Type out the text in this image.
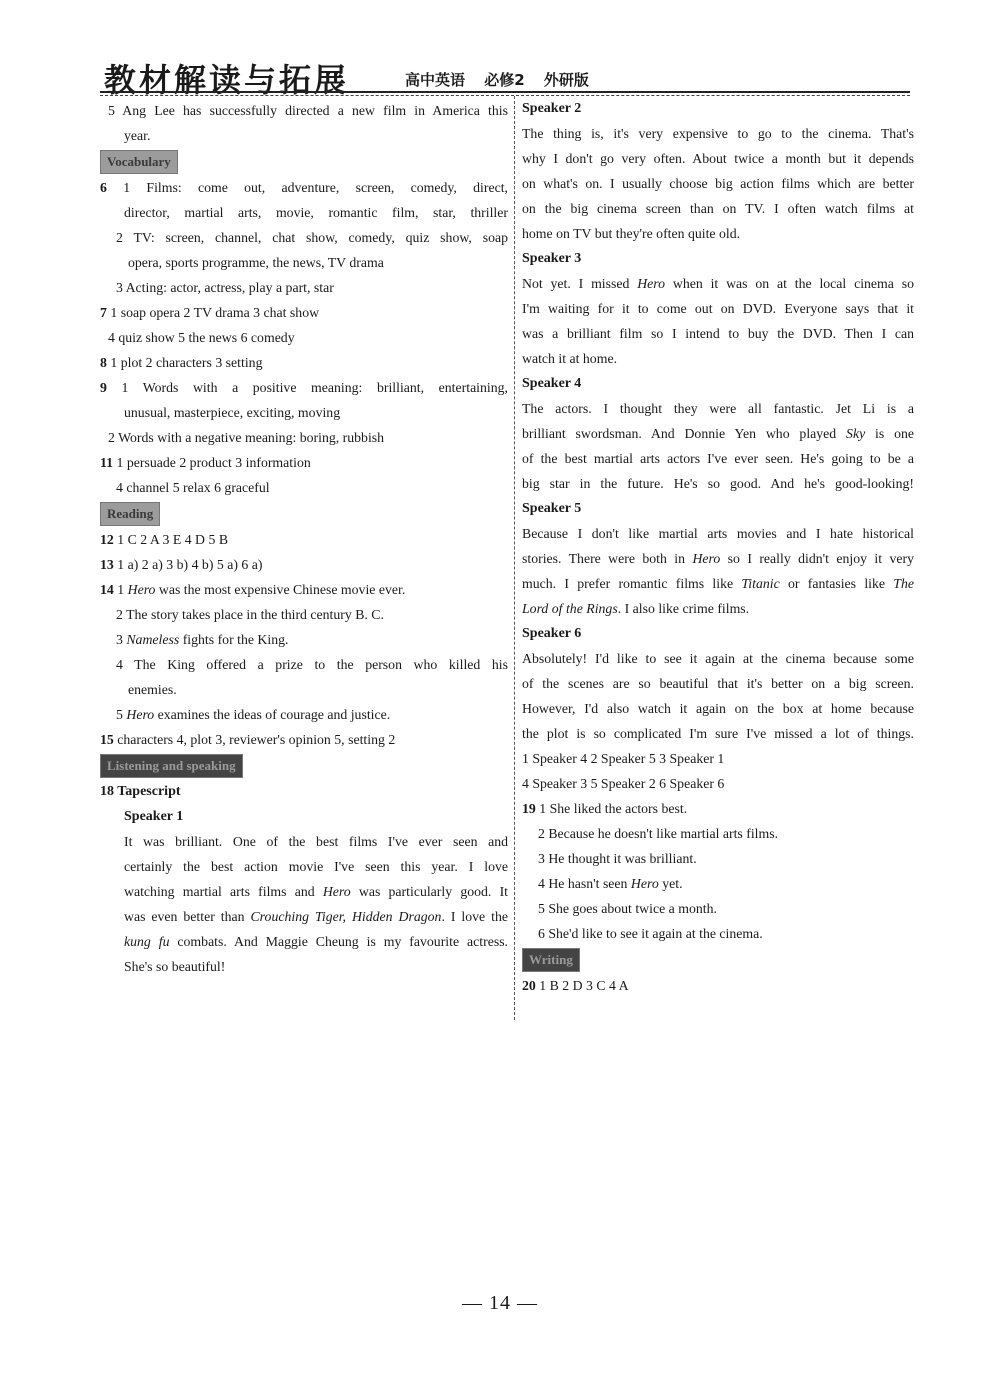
教材解读与拓展	高中英语 必修2 外研版
5 Ang Lee has successfully directed a new film in America this
year.
Vocabulary
6 1 Films: come out, adventure, screen, comedy, direct,
director, martial arts, movie, romantic film, star, thriller
2 TV: screen, channel, chat show, comedy, quiz show, soap
opera, sports programme, the news, TV drama
3 Acting: actor, actress, play a part, star
7 1 soap opera 2 TV drama 3 chat show
4 quiz show 5 the news 6 comedy
8 1 plot 2 characters 3 setting
9 1 Words with a positive meaning: brilliant, entertaining,
unusual, masterpiece, exciting, moving
2 Words with a negative meaning: boring, rubbish
11 1 persuade 2 product 3 information
4 channel 5 relax 6 graceful
Reading
12 1 C 2 A 3 E 4 D 5 B
13 1 a) 2 a) 3 b) 4 b) 5 a) 6 a)
14 1 Hero was the most expensive Chinese movie ever.
2 The story takes place in the third century B. C.
3 Nameless fights for the King.
4 The King offered a prize to the person who killed his
enemies.
5 Hero examines the ideas of courage and justice.
15 characters 4, plot 3, reviewer's opinion 5, setting 2
Listening and speaking
18 Tapescript
Speaker 1
It was brilliant. One of the best films I've ever seen and
certainly the best action movie I've seen this year. I love
watching martial arts films and Hero was particularly good. It
was even better than Crouching Tiger, Hidden Dragon. I love the
kung fu combats. And Maggie Cheung is my favourite actress.
She's so beautiful!
Speaker 2
The thing is, it's very expensive to go to the cinema. That's
why I don't go very often. About twice a month but it depends
on what's on. I usually choose big action films which are better
on the big cinema screen than on TV. I often watch films at
home on TV but they're often quite old.
Speaker 3
Not yet. I missed Hero when it was on at the local cinema so
I'm waiting for it to come out on DVD. Everyone says that it
was a brilliant film so I intend to buy the DVD. Then I can
watch it at home.
Speaker 4
The actors. I thought they were all fantastic. Jet Li is a
brilliant swordsman. And Donnie Yen who played Sky is one
of the best martial arts actors I've ever seen. He's going to be a
big star in the future. He's so good. And he's good-looking!
Speaker 5
Because I don't like martial arts movies and I hate historical
stories. There were both in Hero so I really didn't enjoy it very
much. I prefer romantic films like Titanic or fantasies like The
Lord of the Rings. I also like crime films.
Speaker 6
Absolutely! I'd like to see it again at the cinema because some
of the scenes are so beautiful that it's better on a big screen.
However, I'd also watch it again on the box at home because
the plot is so complicated I'm sure I've missed a lot of things.
1 Speaker 4 2 Speaker 5 3 Speaker 1
4 Speaker 3 5 Speaker 2 6 Speaker 6
19 1 She liked the actors best.
2 Because he doesn't like martial arts films.
3 He thought it was brilliant.
4 He hasn't seen Hero yet.
5 She goes about twice a month.
6 She'd like to see it again at the cinema.
Writing
20 1 B 2 D 3 C 4 A
— 14 —
